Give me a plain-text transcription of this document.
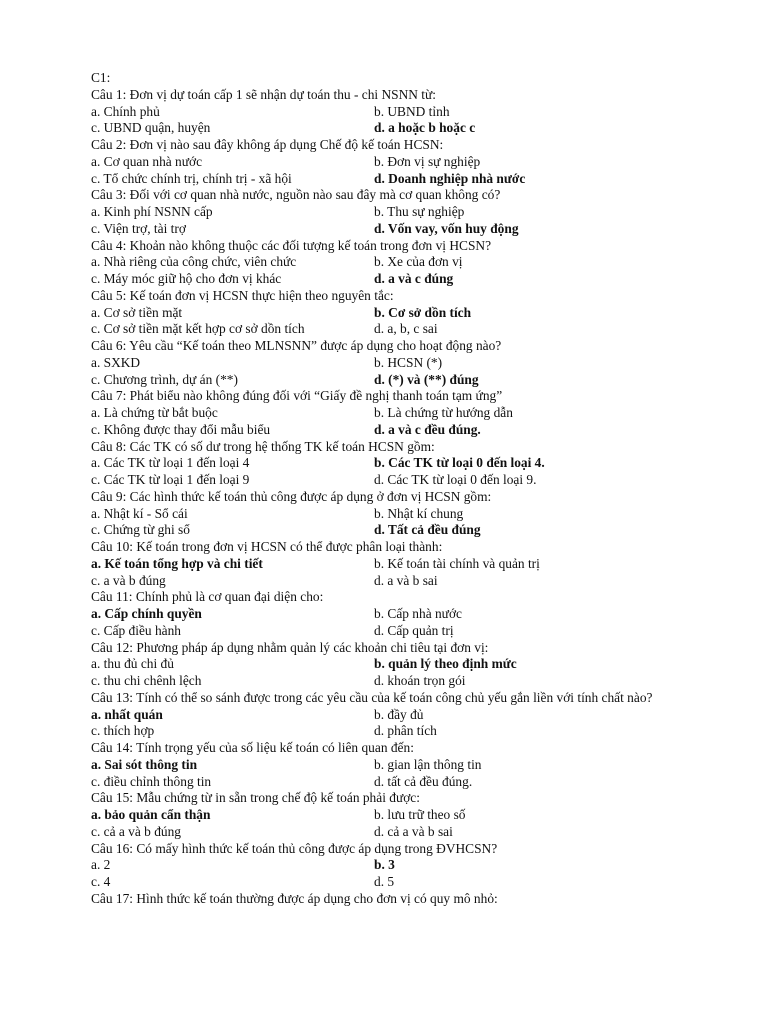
C1:
Câu 1: Đơn vị dự toán cấp 1 sẽ nhận dự toán thu - chi NSNN từ:
a. Chính phủ	b. UBND tỉnh
c. UBND quận, huyện	d. a hoặc b hoặc c
Câu 2: Đơn vị nào sau đây không áp dụng Chế độ kế toán HCSN:
a. Cơ quan nhà nước	b. Đơn vị sự nghiệp
c. Tổ chức chính trị, chính trị - xã hội	d. Doanh nghiệp nhà nước
Câu 3: Đối với cơ quan nhà nước, nguồn nào sau đây mà cơ quan không có?
a. Kinh phí NSNN cấp	b. Thu sự nghiệp
c. Viện trợ, tài trợ	d. Vốn vay, vốn huy động
Câu 4: Khoản nào không thuộc các đối tượng kế toán trong đơn vị HCSN?
a. Nhà riêng của công chức, viên chức	b. Xe của đơn vị
c. Máy móc giữ hộ cho đơn vị khác	d. a và c đúng
Câu 5: Kế toán đơn vị HCSN thực hiện theo nguyên tắc:
a. Cơ sở tiền mặt	b. Cơ sở dồn tích
c. Cơ sở tiền mặt kết hợp cơ sở dồn tích	d. a, b, c sai
Câu 6: Yêu cầu “Kế toán theo MLNSNN” được áp dụng cho hoạt động nào?
a. SXKD	b. HCSN (*)
c. Chương trình, dự án (**)	d. (*) và (**) đúng
Câu 7: Phát biểu nào không đúng đối với “Giấy đề nghị thanh toán tạm ứng”
a. Là chứng từ bắt buộc	b. Là chứng từ hướng dẫn
c. Không được thay đổi mẫu biểu	d. a và c đều đúng.
Câu 8: Các TK có số dư trong hệ thống TK kế toán HCSN gồm:
a. Các TK từ loại 1 đến loại 4	b. Các TK từ loại 0 đến loại 4.
c. Các TK từ loại 1 đến loại 9	d. Các TK từ loại 0 đến loại 9.
Câu 9: Các hình thức kế toán thủ công được áp dụng ở đơn vị HCSN gồm:
a. Nhật kí - Sổ cái	b. Nhật kí chung
c. Chứng từ ghi sổ	d. Tất cả đều đúng
Câu 10: Kế toán trong đơn vị HCSN có thể được phân loại thành:
a. Kế toán tổng hợp và chi tiết	b. Kế toán tài chính và quản trị
c. a và b đúng	d. a và b sai
Câu 11: Chính phủ là cơ quan đại diện cho:
a. Cấp chính quyền	b. Cấp nhà nước
c. Cấp điều hành	d. Cấp quản trị
Câu 12: Phương pháp áp dụng nhằm quản lý các khoản chi tiêu tại đơn vị:
a. thu đủ chi đủ	b. quản lý theo định mức
c. thu chi chênh lệch	d. khoán trọn gói
Câu 13: Tính có thể so sánh được trong các yêu cầu của kế toán công chủ yếu gắn liền với tính chất nào?
a. nhất quán	b. đầy đủ
c. thích hợp	d. phân tích
Câu 14: Tính trọng yếu của số liệu kế toán có liên quan đến:
a. Sai sót thông tin	b. gian lận thông tin
c. điều chỉnh thông tin	d. tất cả đều đúng.
Câu 15: Mẫu chứng từ in sẵn trong chế độ kế toán phải được:
a. bảo quản cẩn thận	b. lưu trữ theo số
c. cả a và b đúng	d. cả a và b sai
Câu 16: Có mấy hình thức kế toán thủ công được áp dụng trong ĐVHCSN?
a. 2	b. 3
c. 4	d. 5
Câu 17: Hình thức kế toán thường được áp dụng cho đơn vị có quy mô nhỏ:
